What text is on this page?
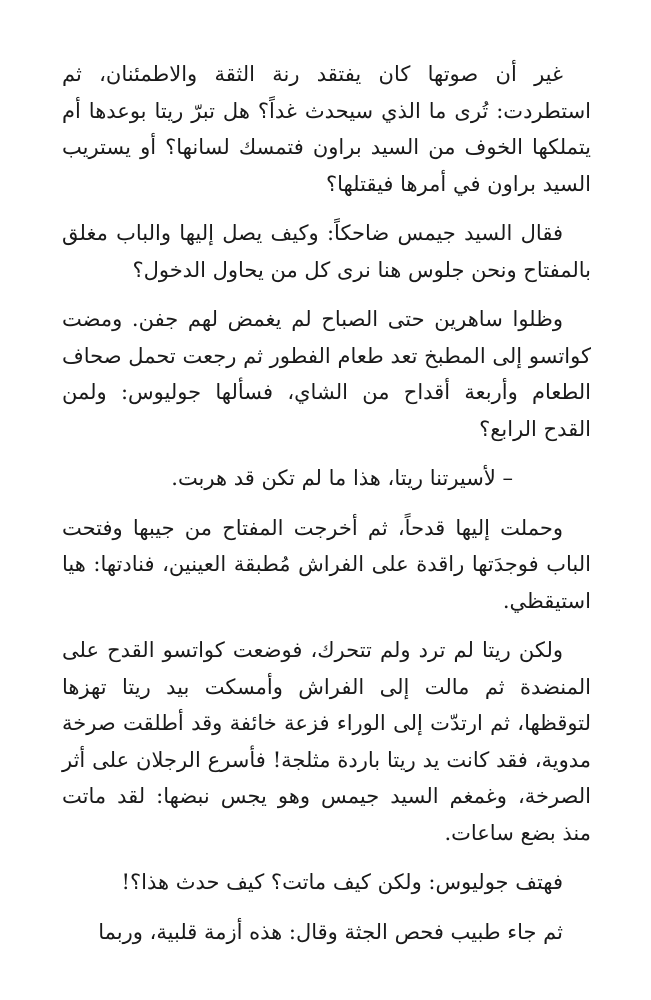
غير أن صوتها كان يفتقد رنة الثقة والاطمئنان، ثم استطردت: تُرى ما الذي سيحدث غداً؟ هل تبرّ ريتا بوعدها أم يتملكها الخوف من السيد براون فتمسك لسانها؟ أو يستريب السيد براون في أمرها فيقتلها؟

فقال السيد جيمس ضاحكاً: وكيف يصل إليها والباب مغلق بالمفتاح ونحن جلوس هنا نرى كل من يحاول الدخول؟

وظلوا ساهرين حتى الصباح لم يغمض لهم جفن. ومضت كواتسو إلى المطبخ تعد طعام الفطور ثم رجعت تحمل صحاف الطعام وأربعة أقداح من الشاي، فسألها جوليوس: ولمن القدح الرابع؟

– لأسيرتنا ريتا، هذا ما لم تكن قد هربت.

وحملت إليها قدحاً، ثم أخرجت المفتاح من جيبها وفتحت الباب فوجدَتها راقدة على الفراش مُطبقة العينين، فنادتها: هيا استيقظي.

ولكن ريتا لم ترد ولم تتحرك، فوضعت كواتسو القدح على المنضدة ثم مالت إلى الفراش وأمسكت بيد ريتا تهزها لتوقظها، ثم ارتدّت إلى الوراء فزعة خائفة وقد أطلقت صرخة مدوية، فقد كانت يد ريتا باردة مثلجة! فأسرع الرجلان على أثر الصرخة، وغمغم السيد جيمس وهو يجس نبضها: لقد ماتت منذ بضع ساعات.

فهتف جوليوس: ولكن كيف ماتت؟ كيف حدث هذا؟!

ثم جاء طبيب فحص الجثة وقال: هذه أزمة قلبية، وربما
